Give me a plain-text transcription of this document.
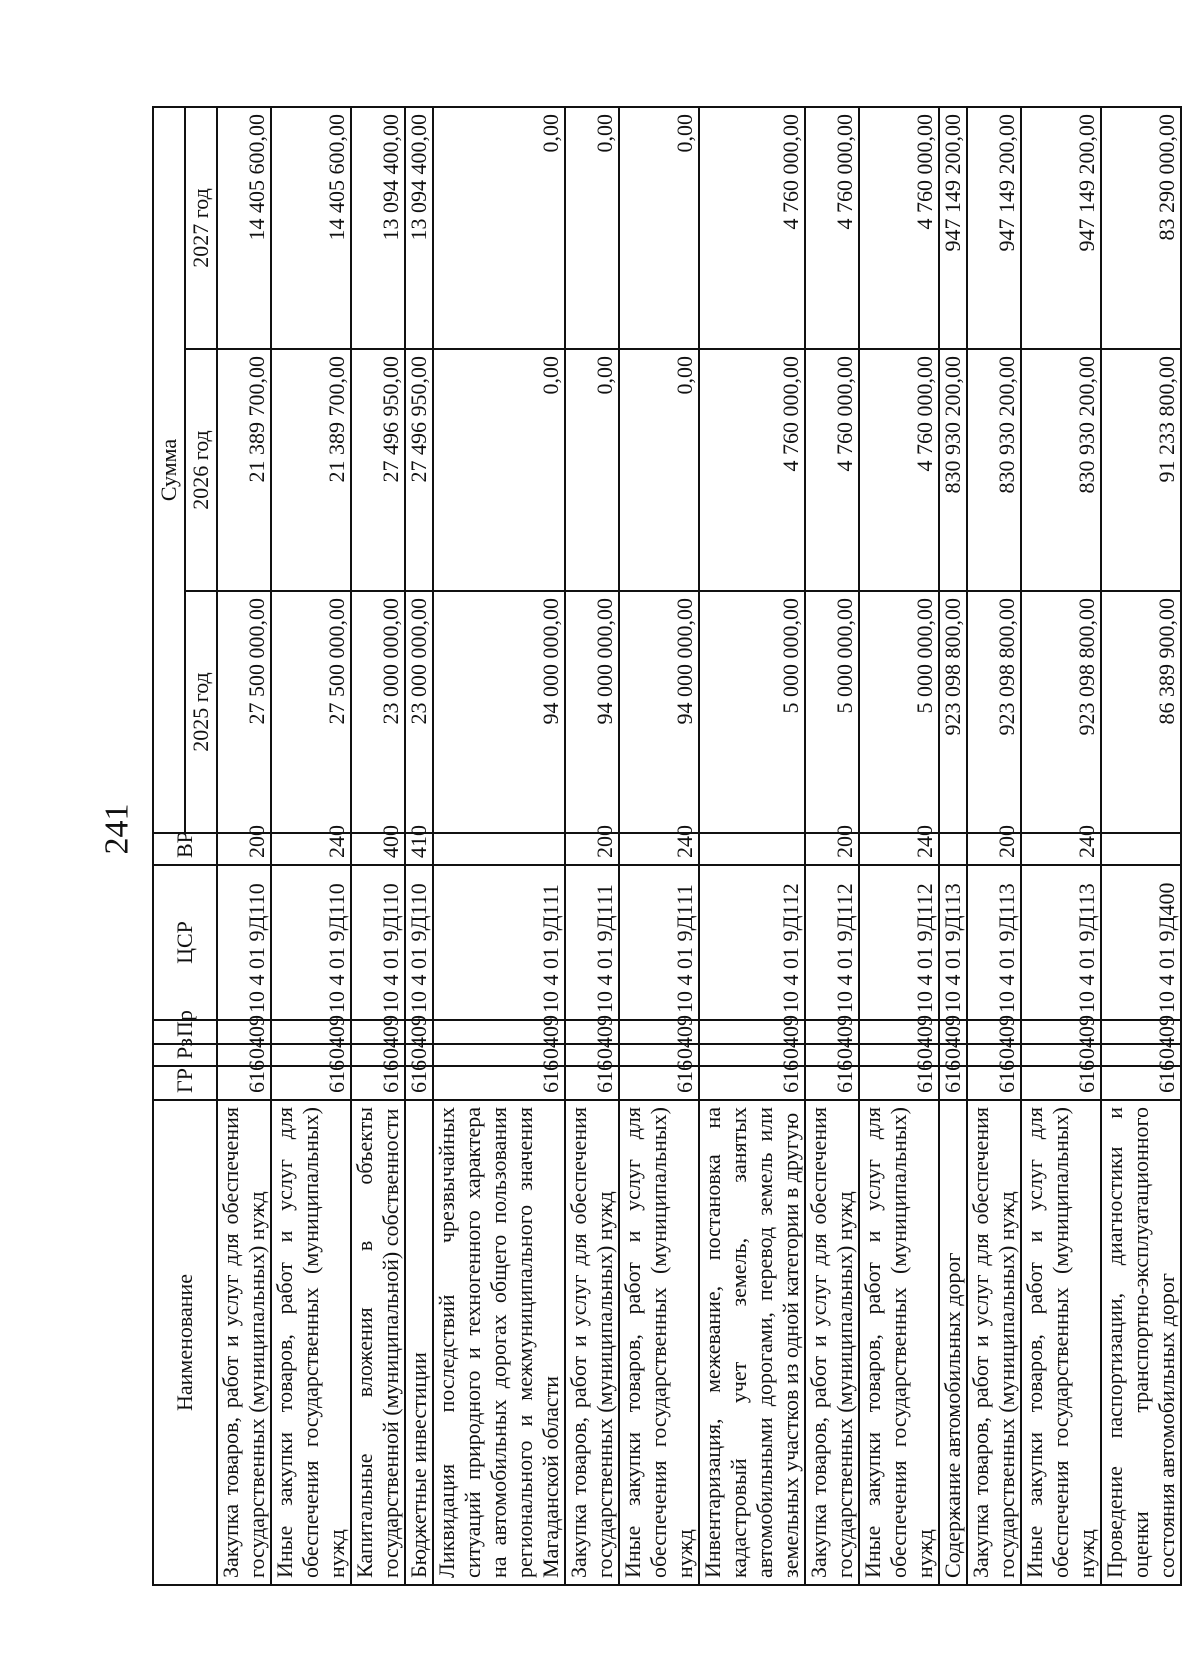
241
Наименование	ГР	Рз	Пр	ЦСР	ВР	Сумма		
						2025 год	2026 год	2027 год
Закупка товаров, работ и услуг для обеспечения государственных (муниципальных) нужд	616	04	09	10 4 01 9Д110	200	27 500 000,00	21 389 700,00	14 405 600,00
Иные закупки товаров, работ и услуг для обеспечения государственных (муниципальных) нужд	616	04	09	10 4 01 9Д110	240	27 500 000,00	21 389 700,00	14 405 600,00
Капитальные вложения в объекты государственной (муниципальной) собственности	616	04	09	10 4 01 9Д110	400	23 000 000,00	27 496 950,00	13 094 400,00
Бюджетные инвестиции	616	04	09	10 4 01 9Д110	410	23 000 000,00	27 496 950,00	13 094 400,00
Ликвидация последствий чрезвычайных ситуаций природного и техногенного характера на автомобильных дорогах общего пользования регионального и межмуниципального значения Магаданской области	616	04	09	10 4 01 9Д111		94 000 000,00	0,00	0,00
Закупка товаров, работ и услуг для обеспечения государственных (муниципальных) нужд	616	04	09	10 4 01 9Д111	200	94 000 000,00	0,00	0,00
Иные закупки товаров, работ и услуг для обеспечения государственных (муниципальных) нужд	616	04	09	10 4 01 9Д111	240	94 000 000,00	0,00	0,00
Инвентаризация, межевание, постановка на кадастровый учет земель, занятых автомобильными дорогами, перевод земель или земельных участков из одной категории в другую	616	04	09	10 4 01 9Д112		5 000 000,00	4 760 000,00	4 760 000,00
Закупка товаров, работ и услуг для обеспечения государственных (муниципальных) нужд	616	04	09	10 4 01 9Д112	200	5 000 000,00	4 760 000,00	4 760 000,00
Иные закупки товаров, работ и услуг для обеспечения государственных (муниципальных) нужд	616	04	09	10 4 01 9Д112	240	5 000 000,00	4 760 000,00	4 760 000,00
Содержание автомобильных дорог	616	04	09	10 4 01 9Д113		923 098 800,00	830 930 200,00	947 149 200,00
Закупка товаров, работ и услуг для обеспечения государственных (муниципальных) нужд	616	04	09	10 4 01 9Д113	200	923 098 800,00	830 930 200,00	947 149 200,00
Иные закупки товаров, работ и услуг для обеспечения государственных (муниципальных) нужд	616	04	09	10 4 01 9Д113	240	923 098 800,00	830 930 200,00	947 149 200,00
Проведение паспортизации, диагностики и оценки транспортно-эксплуатационного состояния автомобильных дорог	616	04	09	10 4 01 9Д400		86 389 900,00	91 233 800,00	83 290 000,00
